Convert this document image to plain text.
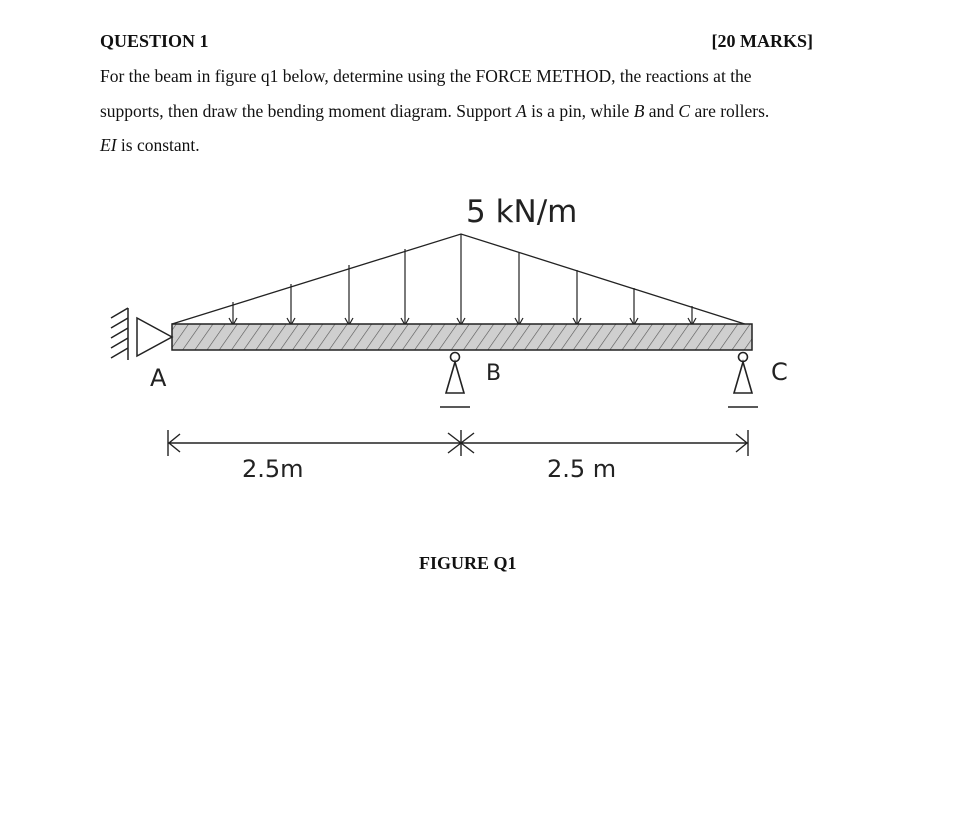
QUESTION 1	[20 MARKS]
For the beam in figure q1 below, determine using the FORCE METHOD, the reactions at the
supports, then draw the bending moment diagram. Support A is a pin, while B and C are rollers.
EI is constant.
5 kN/m
A	B	C
2.5m	2.5 m
FIGURE Q1
